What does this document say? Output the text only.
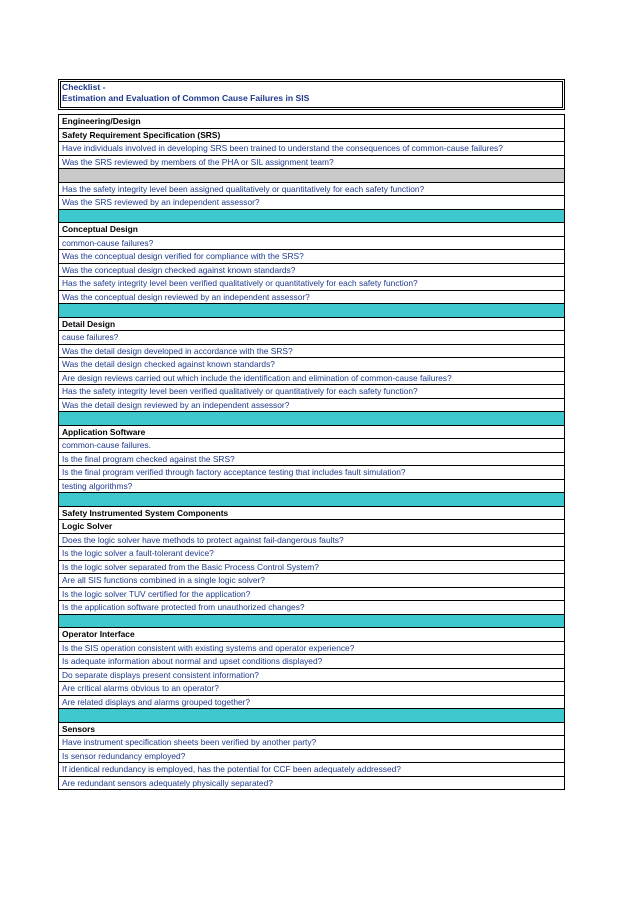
Checklist -
Estimation and Evaluation of Common Cause Failures in SIS
Engineering/Design
Safety Requirement Specification (SRS)
Have individuals involved in developing SRS been trained to understand the consequences of common-cause failures?
Was the SRS reviewed by members of the PHA or SIL assignment team?
Has the safety integrity level been assigned qualitatively or quantitatively for each safety function?
Was the SRS reviewed by an independent assessor?
Conceptual Design
common-cause failures?
Was the conceptual design verified for compliance with the SRS?
Was the conceptual design checked against known standards?
Has the safety integrity level been verified qualitatively or quantitatively for each safety function?
Was the conceptual design reviewed by an independent assessor?
Detail Design
cause failures?
Was the detail design developed in accordance with the SRS?
Was the detail design checked against known standards?
Are design reviews carried out which include the identification and elimination of common-cause failures?
Has the safety integrity level been verified qualitatively or quantitatively for each safety function?
Was the detail design reviewed by an independent assessor?
Application Software
common-cause failures.
Is the final program checked against the SRS?
Is the final program verified through factory acceptance testing that includes fault simulation?
testing algorithms?
Safety Instrumented System Components
Logic Solver
Does the logic solver have methods to protect against fail-dangerous faults?
Is the logic solver a fault-tolerant device?
Is the logic solver separated from the Basic Process Control System?
Are all SIS functions combined in a single logic solver?
Is the logic solver TUV certified for the application?
Is the application software protected from unauthorized changes?
Operator Interface
Is the SIS operation consistent with existing systems and operator experience?
Is adequate information about normal and upset conditions displayed?
Do separate displays present consistent information?
Are critical alarms obvious to an operator?
Are related displays and alarms grouped together?
Sensors
Have instrument specification sheets been verified by another party?
Is sensor redundancy employed?
If identical redundancy is employed, has the potential for CCF been adequately addressed?
Are redundant sensors adequately physically separated?
